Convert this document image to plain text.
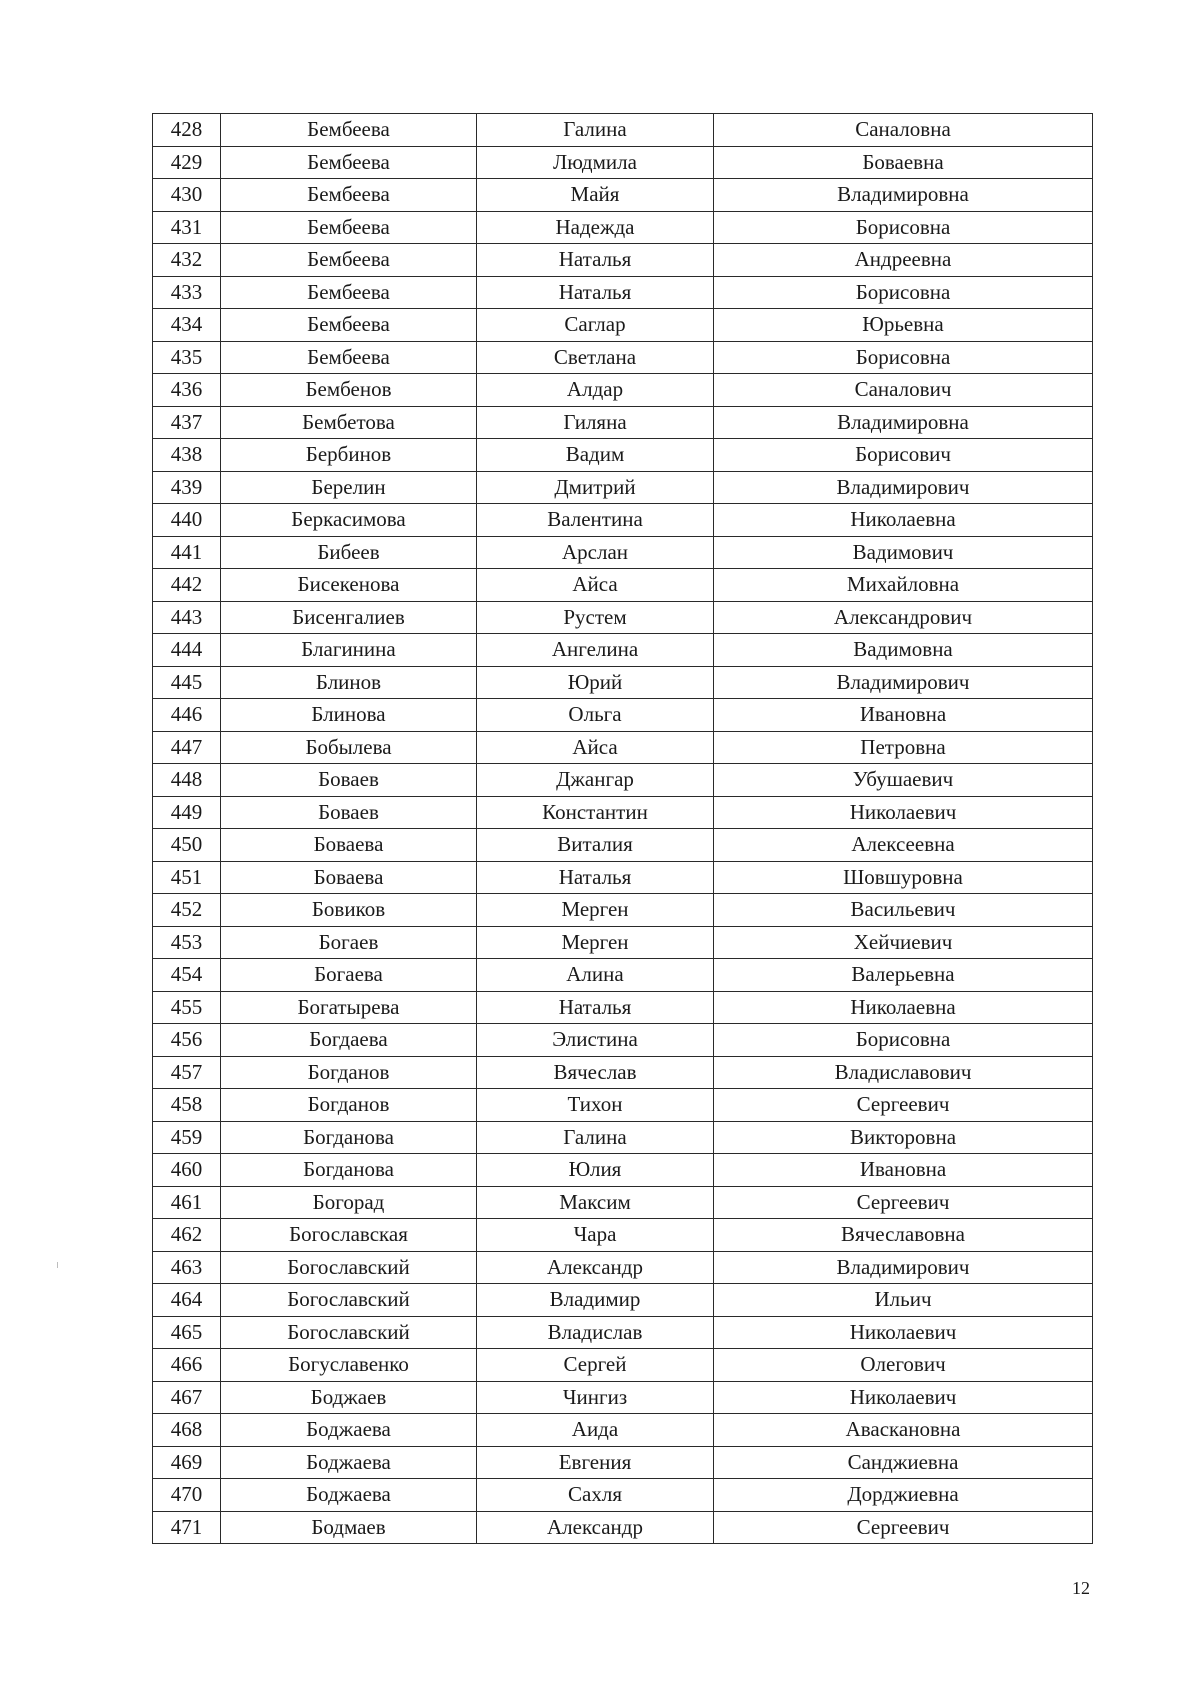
428	Бембеева	Галина	Саналовна
429	Бембеева	Людмила	Боваевна
430	Бембеева	Майя	Владимировна
431	Бембеева	Надежда	Борисовна
432	Бембеева	Наталья	Андреевна
433	Бембеева	Наталья	Борисовна
434	Бембеева	Саглар	Юрьевна
435	Бембеева	Светлана	Борисовна
436	Бембенов	Алдар	Саналович
437	Бембетова	Гиляна	Владимировна
438	Бербинов	Вадим	Борисович
439	Берелин	Дмитрий	Владимирович
440	Беркасимова	Валентина	Николаевна
441	Бибеев	Арслан	Вадимович
442	Бисекенова	Айса	Михайловна
443	Бисенгалиев	Рустем	Александрович
444	Благинина	Ангелина	Вадимовна
445	Блинов	Юрий	Владимирович
446	Блинова	Ольга	Ивановна
447	Бобылева	Айса	Петровна
448	Боваев	Джангар	Убушаевич
449	Боваев	Константин	Николаевич
450	Боваева	Виталия	Алексеевна
451	Боваева	Наталья	Шовшуровна
452	Бовиков	Мерген	Васильевич
453	Богаев	Мерген	Хейчиевич
454	Богаева	Алина	Валерьевна
455	Богатырева	Наталья	Николаевна
456	Богдаева	Элистина	Борисовна
457	Богданов	Вячеслав	Владиславович
458	Богданов	Тихон	Сергеевич
459	Богданова	Галина	Викторовна
460	Богданова	Юлия	Ивановна
461	Богорад	Максим	Сергеевич
462	Богославская	Чара	Вячеславовна
463	Богославский	Александр	Владимирович
464	Богославский	Владимир	Ильич
465	Богославский	Владислав	Николаевич
466	Богуславенко	Сергей	Олегович
467	Боджаев	Чингиз	Николаевич
468	Боджаева	Аида	Аваскановна
469	Боджаева	Евгения	Санджиевна
470	Боджаева	Сахля	Дорджиевна
471	Бодмаев	Александр	Сергеевич
12
